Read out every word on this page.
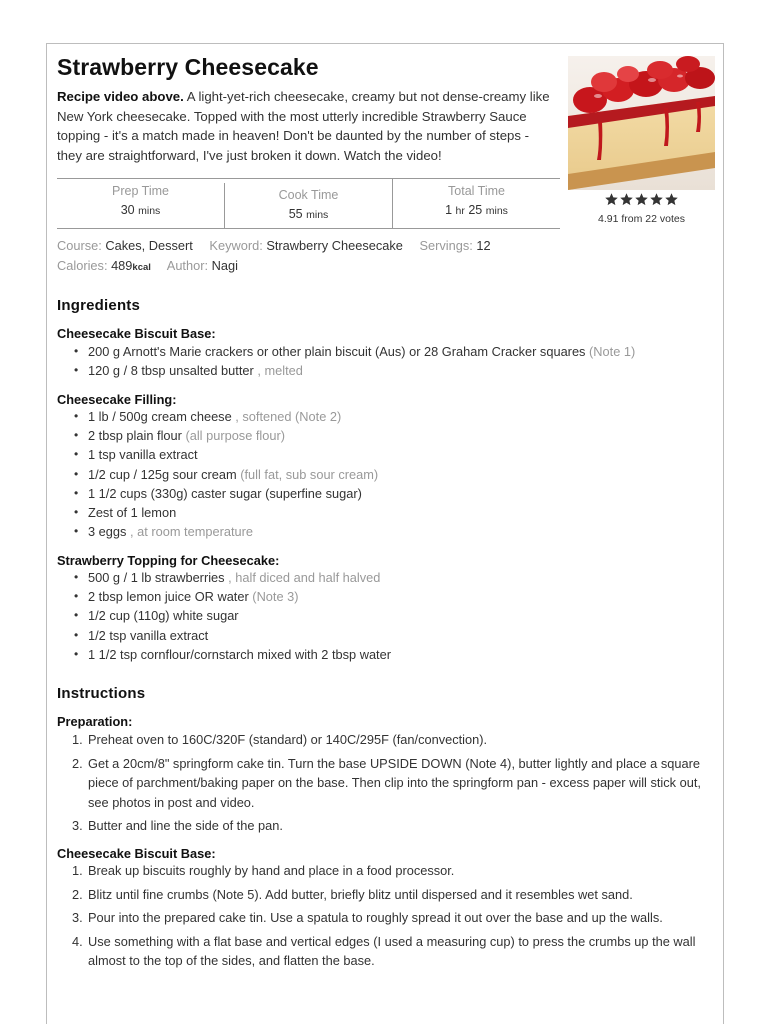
Strawberry Cheesecake
Recipe video above. A light-yet-rich cheesecake, creamy but not dense-creamy like New York cheesecake. Topped with the most utterly incredible Strawberry Sauce topping - it's a match made in heaven! Don't be daunted by the number of steps - they are straightforward, I've just broken it down. Watch the video!
4.91 from 22 votes
Prep Time
30 mins
Cook Time
55 mins
Total Time
1 hr 25 mins
Course: Cakes, Dessert Keyword: Strawberry Cheesecake Servings: 12
Calories: 489kcal Author: Nagi
Ingredients
Cheesecake Biscuit Base:
• 200 g Arnott's Marie crackers or other plain biscuit (Aus) or 28 Graham Cracker squares (Note 1)
• 120 g / 8 tbsp unsalted butter , melted
Cheesecake Filling:
• 1 lb / 500g cream cheese , softened (Note 2)
• 2 tbsp plain flour (all purpose flour)
• 1 tsp vanilla extract
• 1/2 cup / 125g sour cream (full fat, sub sour cream)
• 1 1/2 cups (330g) caster sugar (superfine sugar)
• Zest of 1 lemon
• 3 eggs , at room temperature
Strawberry Topping for Cheesecake:
• 500 g / 1 lb strawberries , half diced and half halved
• 2 tbsp lemon juice OR water (Note 3)
• 1/2 cup (110g) white sugar
• 1/2 tsp vanilla extract
• 1 1/2 tsp cornflour/cornstarch mixed with 2 tbsp water
Instructions
Preparation:
1. Preheat oven to 160C/320F (standard) or 140C/295F (fan/convection).
2. Get a 20cm/8" springform cake tin. Turn the base UPSIDE DOWN (Note 4), butter lightly and place a square piece of parchment/baking paper on the base. Then clip into the springform pan - excess paper will stick out, see photos in post and video.
3. Butter and line the side of the pan.
Cheesecake Biscuit Base:
1. Break up biscuits roughly by hand and place in a food processor.
2. Blitz until fine crumbs (Note 5). Add butter, briefly blitz until dispersed and it resembles wet sand.
3. Pour into the prepared cake tin. Use a spatula to roughly spread it out over the base and up the walls.
4. Use something with a flat base and vertical edges (I used a measuring cup) to press the crumbs up the wall almost to the top of the sides, and flatten the base.
